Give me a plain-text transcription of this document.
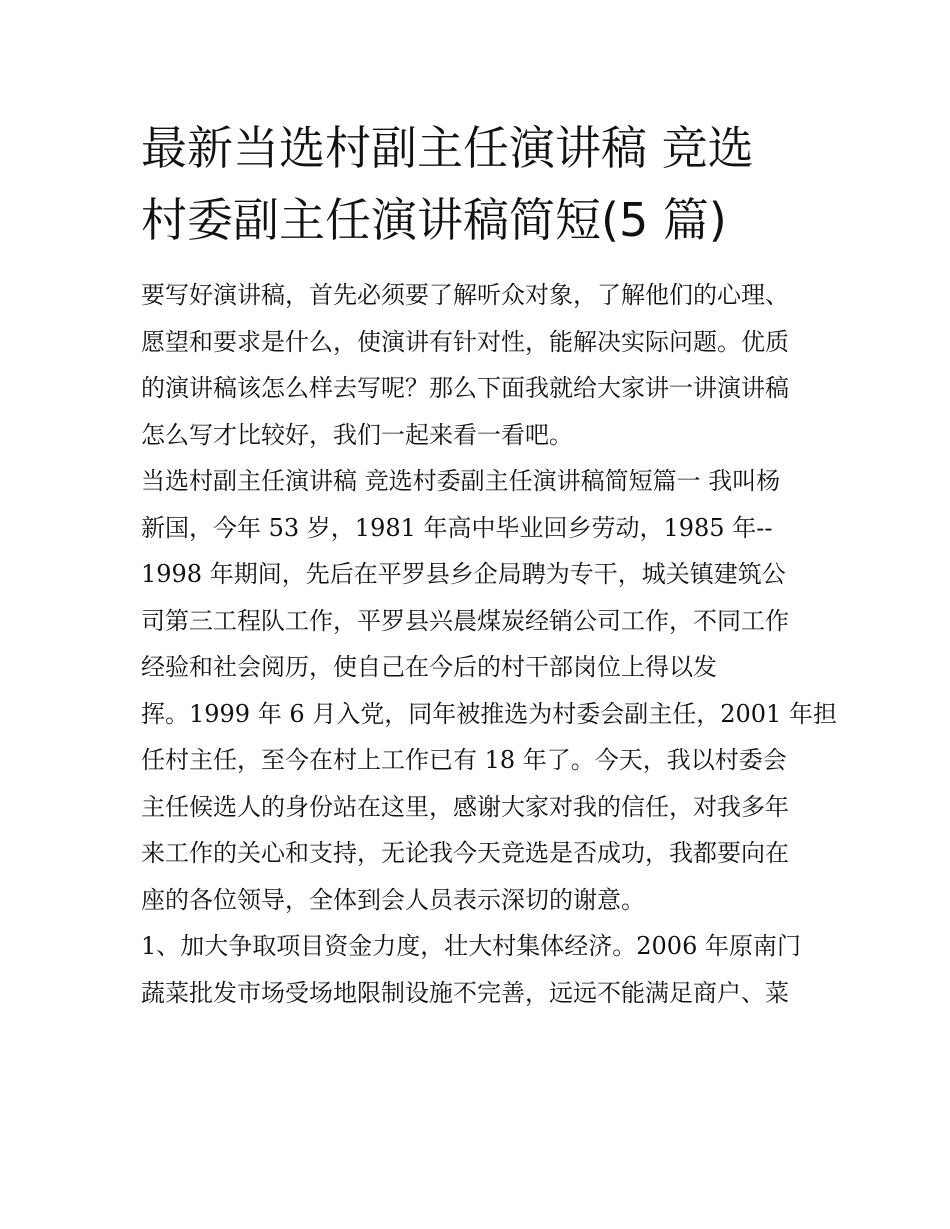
最新当选村副主任演讲稿 竞选
村委副主任演讲稿简短(5 篇)
要写好演讲稿，首先必须要了解听众对象，了解他们的心理、
愿望和要求是什么，使演讲有针对性，能解决实际问题。优质
的演讲稿该怎么样去写呢？那么下面我就给大家讲一讲演讲稿
怎么写才比较好，我们一起来看一看吧。
当选村副主任演讲稿 竞选村委副主任演讲稿简短篇一 我叫杨
新国，今年 53 岁，1981 年高中毕业回乡劳动，1985 年--
1998 年期间，先后在平罗县乡企局聘为专干，城关镇建筑公
司第三工程队工作，平罗县兴晨煤炭经销公司工作，不同工作
经验和社会阅历，使自己在今后的村干部岗位上得以发
挥。1999 年 6 月入党，同年被推选为村委会副主任，2001 年担
任村主任，至今在村上工作已有 18 年了。今天，我以村委会
主任候选人的身份站在这里，感谢大家对我的信任，对我多年
来工作的关心和支持，无论我今天竞选是否成功，我都要向在
座的各位领导，全体到会人员表示深切的谢意。
1、加大争取项目资金力度，壮大村集体经济。2006 年原南门
蔬菜批发市场受场地限制设施不完善，远远不能满足商户、菜
